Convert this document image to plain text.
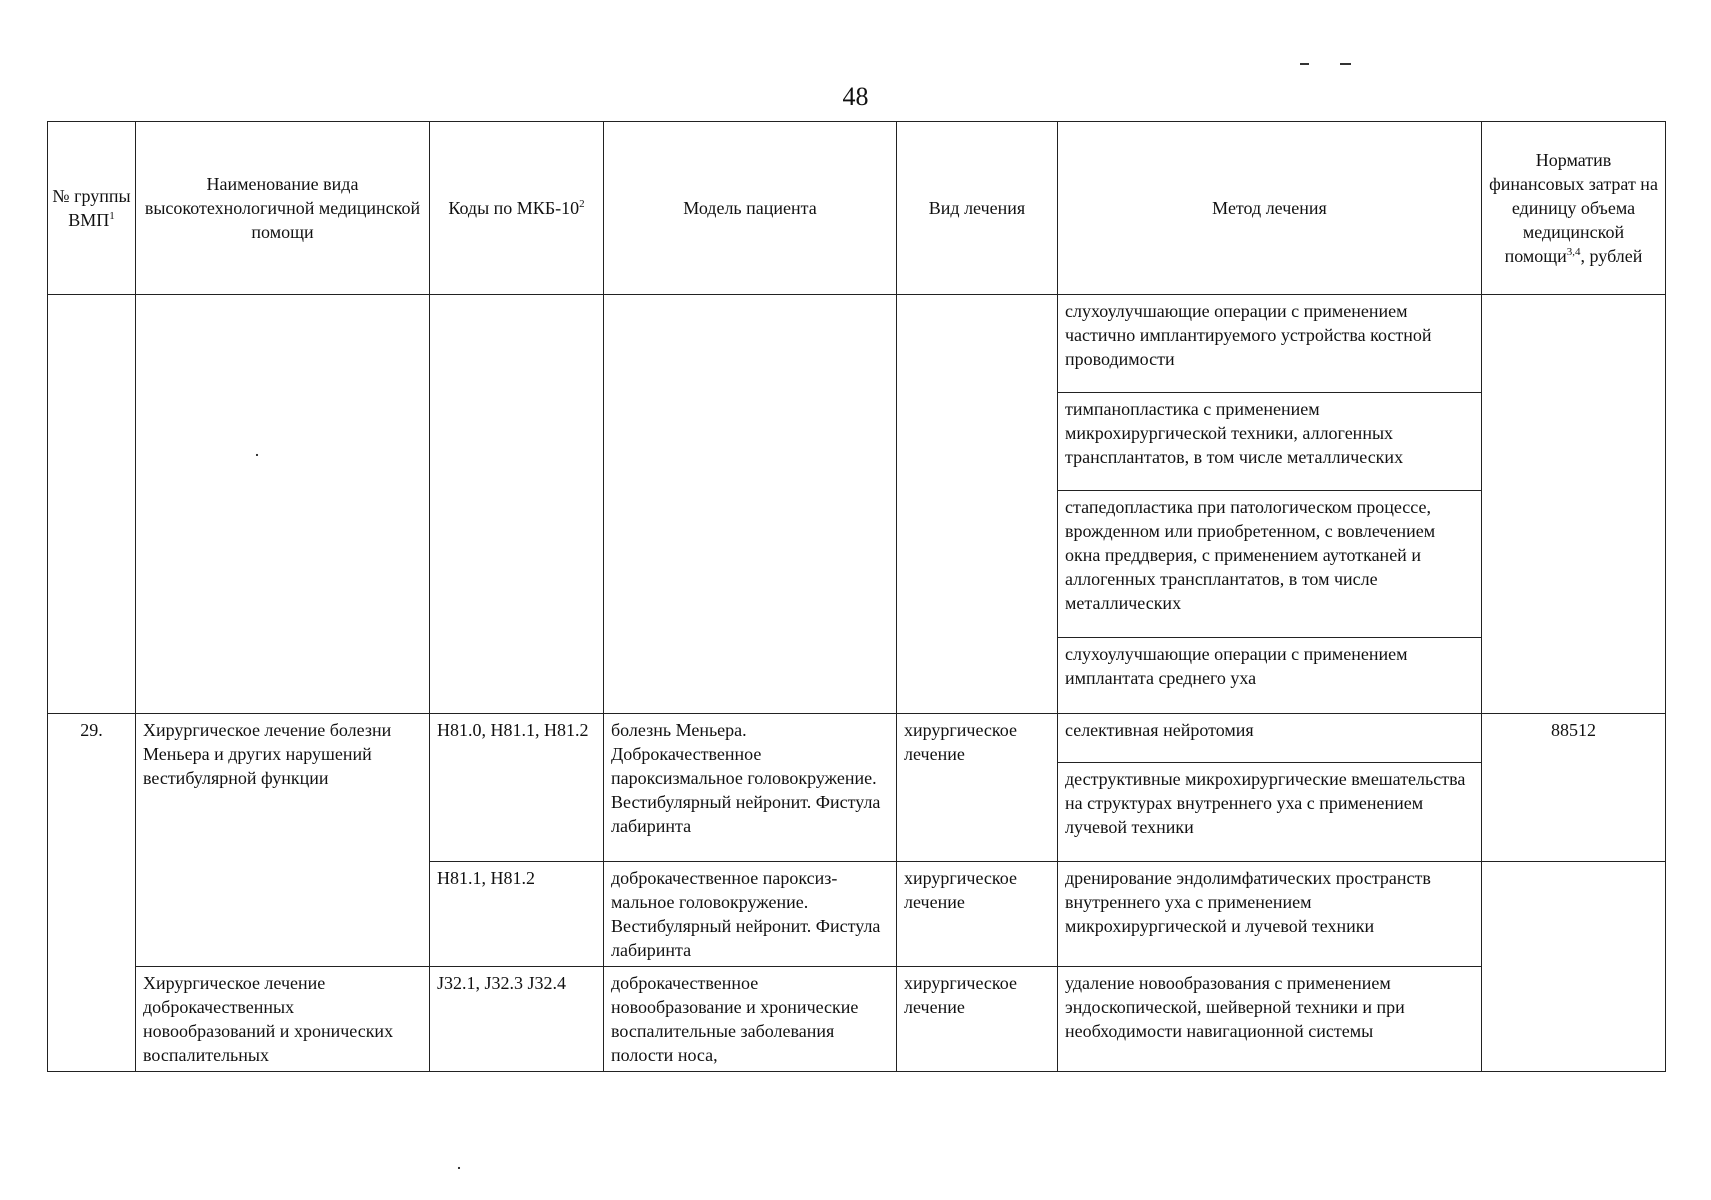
48
№ группы ВМП$^1$	Наименование вида высокотехнологичной медицинской помощи	Коды по МКБ-$10^2$	Модель пациента	Вид лечения	Метод лечения	Норматив финансовых затрат на единицу объема медицинской помощи$^{3,4}$, рублей

	·				слухоулучшающие операции с применением частично имплантируемого устройства костной проводимости	
					тимпанопластика с применением микрохирургической техники, аллогенных трансплантатов, в том числе металлических	
					стапедопластика при патологическом процессе, врожденном или приобретенном, с вовлечением окна преддверия, с применением аутотканей и аллогенных трансплантатов, в том числе металлических	
					слухоулучшающие операции с применением имплантата среднего уха	
29.	Хирургическое лечение болезни Меньера и других нарушений вестибулярной функции	H81.0, H81.1, H81.2	болезнь Меньера. Доброкачественное пароксизмальное головокружение. Вестибулярный нейронит. Фистула лабиринта	хирургическое лечение	селективная нейротомия	88512
					деструктивные микрохирургические вмешательства на структурах внутреннего уха с применением лучевой техники	
		H81.1, H81.2	доброкачественное пароксиз-мальное головокружение. Вестибулярный нейронит. Фистула лабиринта	хирургическое лечение	дренирование эндолимфатических пространств внутреннего уха с применением микрохирургической и лучевой техники	
	Хирургическое лечение доброкачественных новообразований и хронических воспалительных	J32.1, J32.3 J32.4	доброкачественное новообразование и хронические воспалительные заболевания полости носа,	хирургическое лечение	удаление новообразования с применением эндоскопической, шейверной техники и при необходимости навигационной системы	
·
